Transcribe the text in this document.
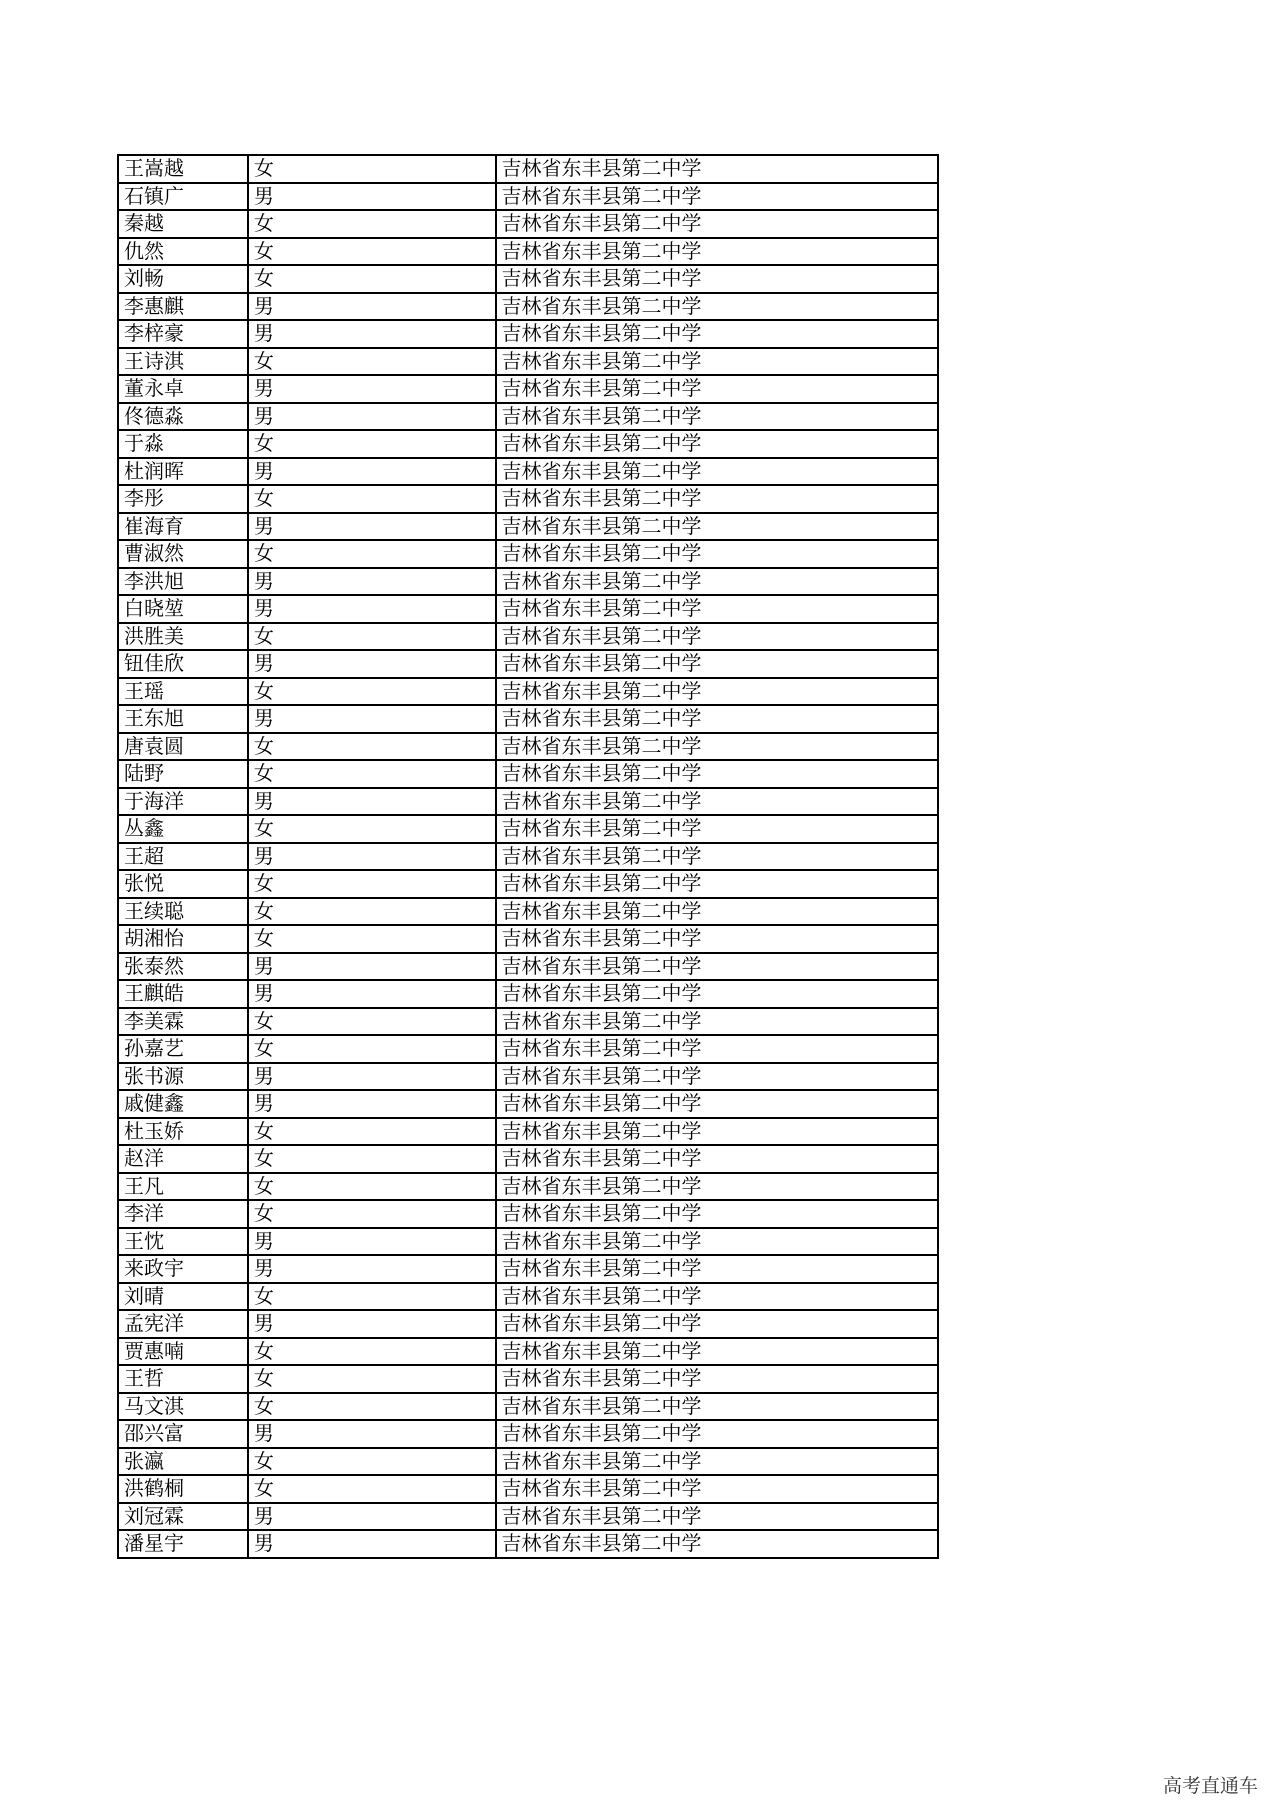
王嵩越	女	吉林省东丰县第二中学
石镇广	男	吉林省东丰县第二中学
秦越	女	吉林省东丰县第二中学
仇然	女	吉林省东丰县第二中学
刘畅	女	吉林省东丰县第二中学
李惠麒	男	吉林省东丰县第二中学
李梓豪	男	吉林省东丰县第二中学
王诗淇	女	吉林省东丰县第二中学
董永卓	男	吉林省东丰县第二中学
佟德淼	男	吉林省东丰县第二中学
于淼	女	吉林省东丰县第二中学
杜润晖	男	吉林省东丰县第二中学
李彤	女	吉林省东丰县第二中学
崔海育	男	吉林省东丰县第二中学
曹淑然	女	吉林省东丰县第二中学
李洪旭	男	吉林省东丰县第二中学
白晓堃	男	吉林省东丰县第二中学
洪胜美	女	吉林省东丰县第二中学
钮佳欣	男	吉林省东丰县第二中学
王瑶	女	吉林省东丰县第二中学
王东旭	男	吉林省东丰县第二中学
唐袁圆	女	吉林省东丰县第二中学
陆野	女	吉林省东丰县第二中学
于海洋	男	吉林省东丰县第二中学
丛鑫	女	吉林省东丰县第二中学
王超	男	吉林省东丰县第二中学
张悦	女	吉林省东丰县第二中学
王续聪	女	吉林省东丰县第二中学
胡湘怡	女	吉林省东丰县第二中学
张泰然	男	吉林省东丰县第二中学
王麒皓	男	吉林省东丰县第二中学
李美霖	女	吉林省东丰县第二中学
孙嘉艺	女	吉林省东丰县第二中学
张书源	男	吉林省东丰县第二中学
戚健鑫	男	吉林省东丰县第二中学
杜玉娇	女	吉林省东丰县第二中学
赵洋	女	吉林省东丰县第二中学
王凡	女	吉林省东丰县第二中学
李洋	女	吉林省东丰县第二中学
王忱	男	吉林省东丰县第二中学
来政宇	男	吉林省东丰县第二中学
刘晴	女	吉林省东丰县第二中学
孟宪洋	男	吉林省东丰县第二中学
贾惠喃	女	吉林省东丰县第二中学
王哲	女	吉林省东丰县第二中学
马文淇	女	吉林省东丰县第二中学
邵兴富	男	吉林省东丰县第二中学
张瀛	女	吉林省东丰县第二中学
洪鹤桐	女	吉林省东丰县第二中学
刘冠霖	男	吉林省东丰县第二中学
潘星宇	男	吉林省东丰县第二中学
高考直通车
